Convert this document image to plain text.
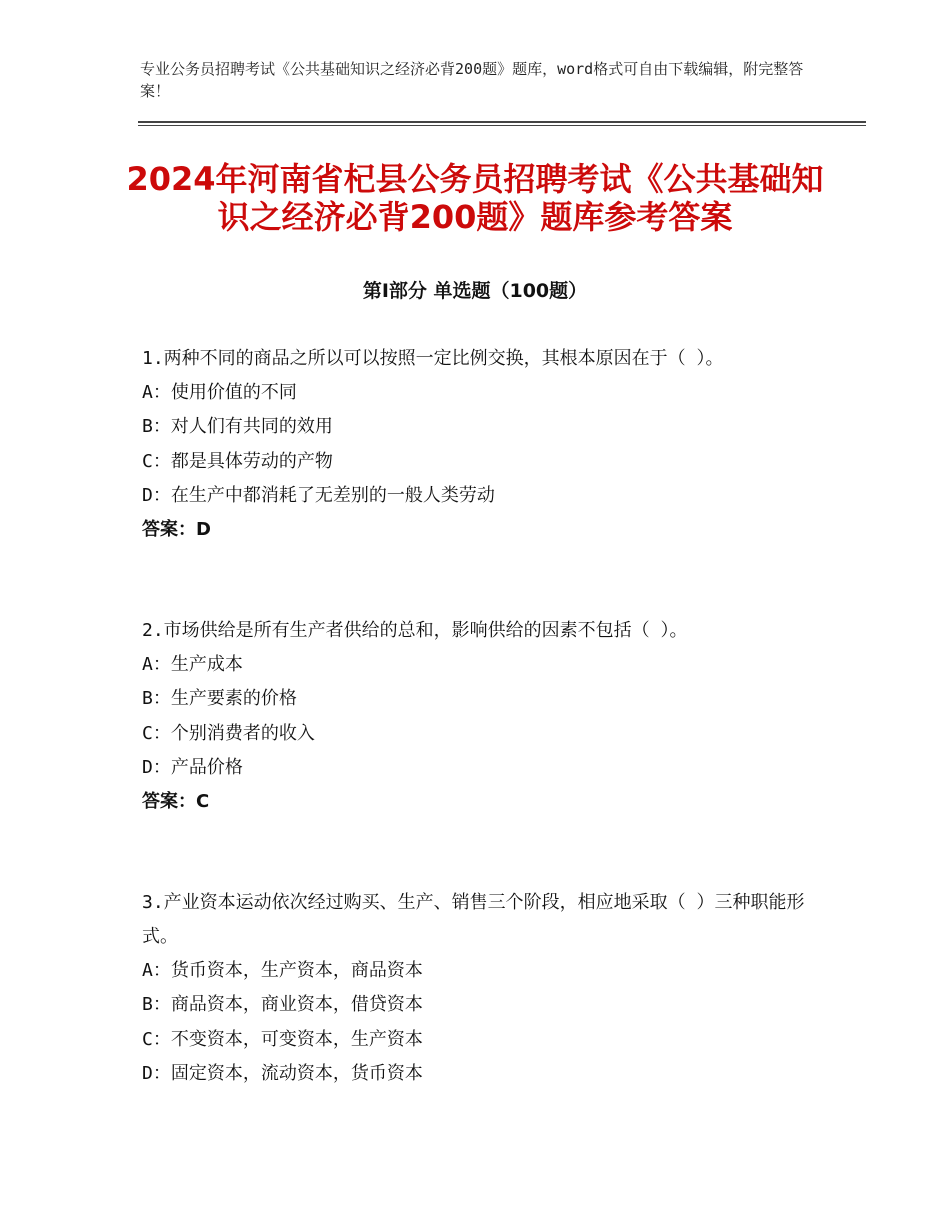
专业公务员招聘考试《公共基础知识之经济必背200题》题库，word格式可自由下载编辑，附完整答案！
2024年河南省杞县公务员招聘考试《公共基础知识之经济必背200题》题库参考答案
第Ⅰ部分 单选题（100题）

1.两种不同的商品之所以可以按照一定比例交换，其根本原因在于（ ）。

A：使用价值的不同
B：对人们有共同的效用
C：都是具体劳动的产物
D：在生产中都消耗了无差别的一般人类劳动
答案：D

2.市场供给是所有生产者供给的总和，影响供给的因素不包括（ ）。

A：生产成本
B：生产要素的价格
C：个别消费者的收入
D：产品价格
答案：C

3.产业资本运动依次经过购买、生产、销售三个阶段，相应地采取（ ）三种职能形式。

A：货币资本，生产资本，商品资本
B：商品资本，商业资本，借贷资本
C：不变资本，可变资本，生产资本
D：固定资本，流动资本，货币资本
